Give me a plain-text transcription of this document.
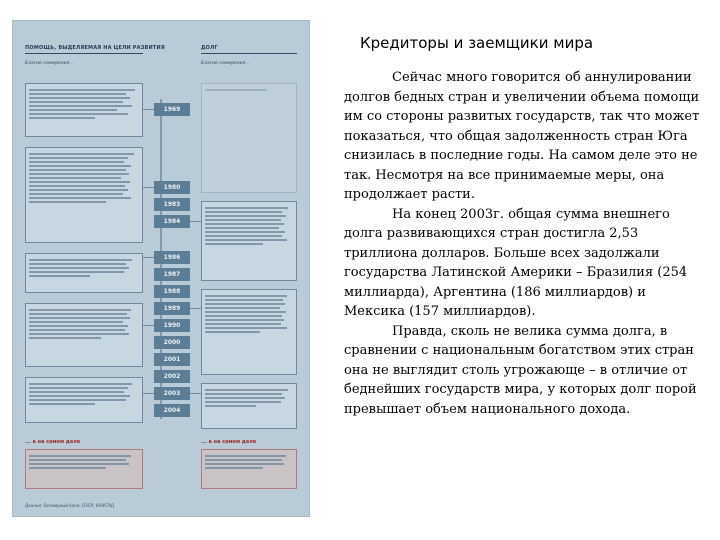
ПОМОЩЬ, ВЫДЕЛЯЕМАЯ НА ЦЕЛИ РАЗВИТИЯ	ДОЛГ
Благие намерения...	Благие намерения...
1969
1980
1983
1984
1986
1987
1988
1989
1990
2000
2001
2002
2003
2004
... а на самом деле	... а на самом деле
Данные: Всемирный банк; ОЭСР; ЮНКТАД
Кредиторы и заемщики мира

Сейчас много говорится об аннулировании долгов бедных стран и увеличении объема помощи им со стороны развитых государств, так что может показаться, что общая задолженность стран Юга снизилась в последние годы. На самом деле это не так. Несмотря на все принимаемые меры, она продолжает расти.

На конец 2003г. общая сумма внешнего долга развивающихся стран достигла 2,53 триллиона долларов. Больше всех задолжали государства Латинской Америки – Бразилия (254 миллиарда), Аргентина (186 миллиардов) и Мексика (157 миллиардов).

Правда, сколь не велика сумма долга, в сравнении с национальным богатством этих стран она не выглядит столь угрожающе – в отличие от беднейших государств мира, у которых долг порой превышает объем национального дохода.
